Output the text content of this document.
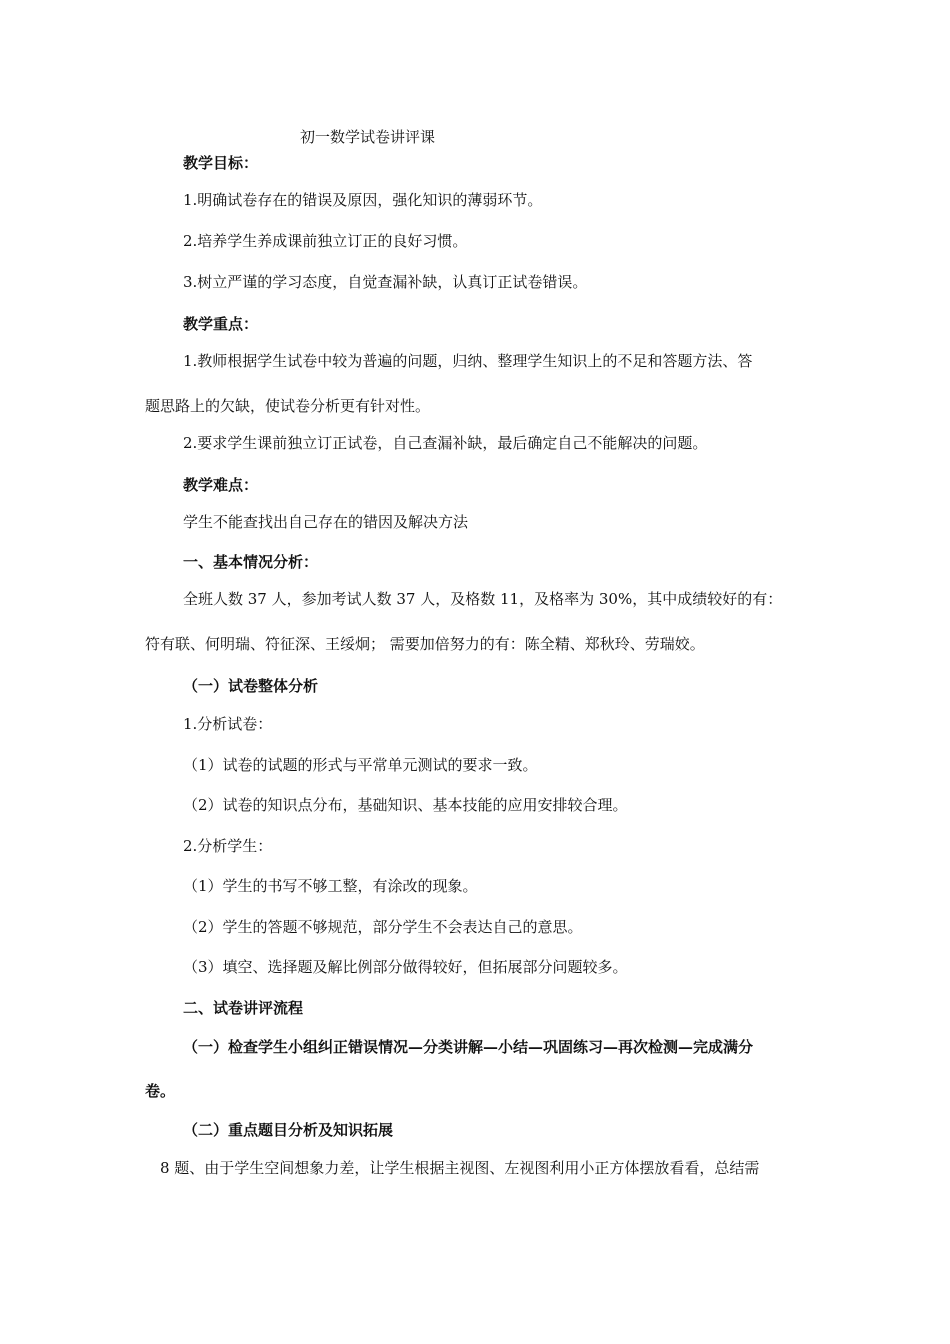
初一数学试卷讲评课
教学目标：
1.明确试卷存在的错误及原因，强化知识的薄弱环节。
2.培养学生养成课前独立订正的良好习惯。
3.树立严谨的学习态度，自觉查漏补缺，认真订正试卷错误。
教学重点：
1.教师根据学生试卷中较为普遍的问题，归纳、整理学生知识上的不足和答题方法、答
题思路上的欠缺，使试卷分析更有针对性。
2.要求学生课前独立订正试卷，自己查漏补缺，最后确定自己不能解决的问题。
教学难点：
学生不能查找出自己存在的错因及解决方法
一、基本情况分析：
全班人数 37 人，参加考试人数 37 人，及格数 11，及格率为 30%，其中成绩较好的有：
符有联、何明瑞、符征深、王绥炯； 需要加倍努力的有：陈全精、郑秋玲、劳瑞姣。
（一）试卷整体分析
1.分析试卷：
（1）试卷的试题的形式与平常单元测试的要求一致。
（2）试卷的知识点分布，基础知识、基本技能的应用安排较合理。
2.分析学生：
（1）学生的书写不够工整，有涂改的现象。
（2）学生的答题不够规范，部分学生不会表达自己的意思。
（3）填空、选择题及解比例部分做得较好，但拓展部分问题较多。
二、试卷讲评流程
（一）检查学生小组纠正错误情况—分类讲解—小结—巩固练习—再次检测—完成满分
卷。
（二）重点题目分析及知识拓展
8 题、由于学生空间想象力差，让学生根据主视图、左视图利用小正方体摆放看看，总结需
